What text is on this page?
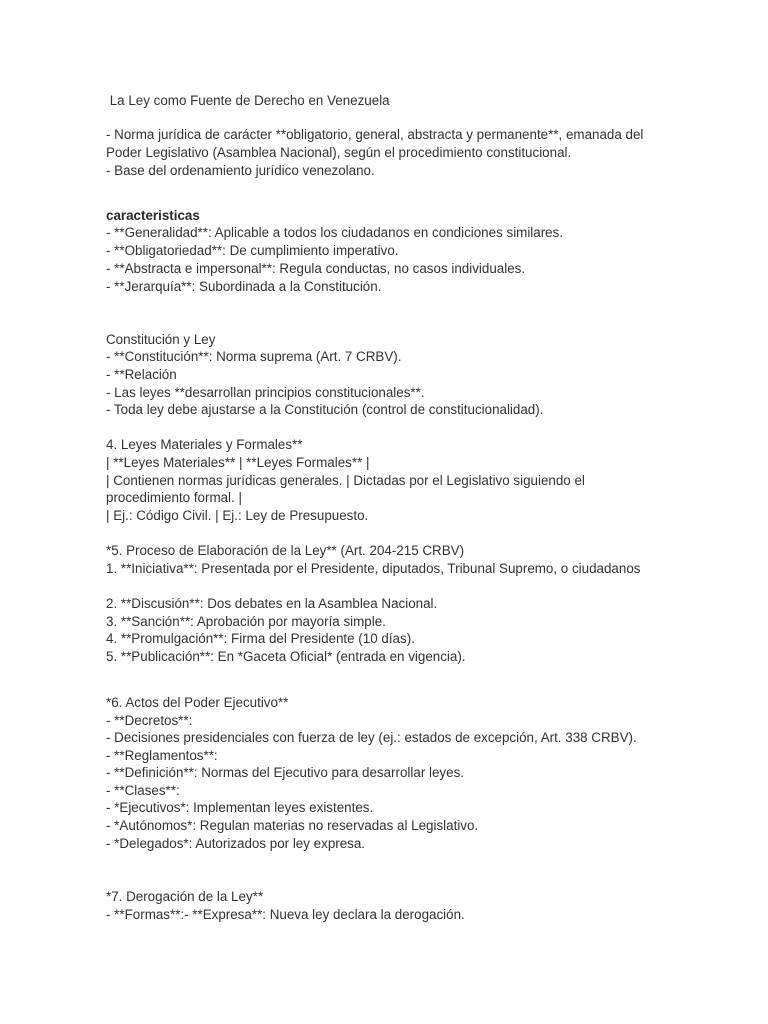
La Ley como Fuente de Derecho en Venezuela
- Norma jurídica de carácter **obligatorio, general, abstracta y permanente**, emanada del
Poder Legislativo (Asamblea Nacional), según el procedimiento constitucional.
- Base del ordenamiento jurídico venezolano.
caracteristicas
- **Generalidad**: Aplicable a todos los ciudadanos en condiciones similares.
- **Obligatoriedad**: De cumplimiento imperativo.
- **Abstracta e impersonal**: Regula conductas, no casos individuales.
- **Jerarquía**: Subordinada a la Constitución.
Constitución y Ley
- **Constitución**: Norma suprema (Art. 7 CRBV).
- **Relación
- Las leyes **desarrollan principios constitucionales**.
- Toda ley debe ajustarse a la Constitución (control de constitucionalidad).
4. Leyes Materiales y Formales**
| **Leyes Materiales** | **Leyes Formales** |
| Contienen normas jurídicas generales. | Dictadas por el Legislativo siguiendo el
procedimiento formal. |
| Ej.: Código Civil. | Ej.: Ley de Presupuesto.
*5. Proceso de Elaboración de la Ley** (Art. 204-215 CRBV)
1. **Iniciativa**: Presentada por el Presidente, diputados, Tribunal Supremo, o ciudadanos
2. **Discusión**: Dos debates en la Asamblea Nacional.
3. **Sanción**: Aprobación por mayoría simple.
4. **Promulgación**: Firma del Presidente (10 días).
5. **Publicación**: En *Gaceta Oficial* (entrada en vigencia).
*6. Actos del Poder Ejecutivo**
- **Decretos**:
- Decisiones presidenciales con fuerza de ley (ej.: estados de excepción, Art. 338 CRBV).
- **Reglamentos**:
- **Definición**: Normas del Ejecutivo para desarrollar leyes.
- **Clases**:
- *Ejecutivos*: Implementan leyes existentes.
- *Autónomos*: Regulan materias no reservadas al Legislativo.
- *Delegados*: Autorizados por ley expresa.
*7. Derogación de la Ley**
- **Formas**:- **Expresa**: Nueva ley declara la derogación.
